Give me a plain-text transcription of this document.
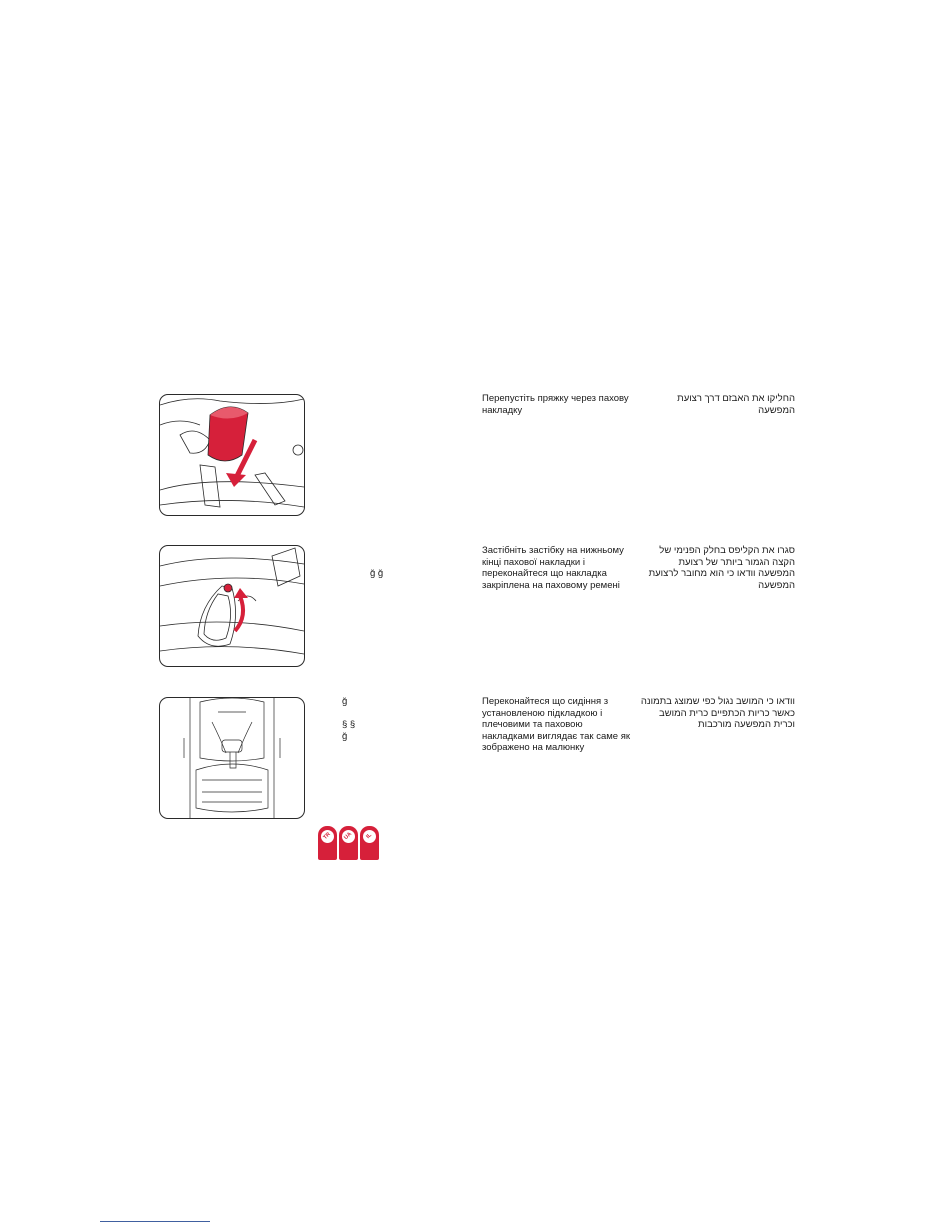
Перепустіть пряжку через пахову накладку
החליקו את האבזם דרך רצועת המפשעה
ğ ğ
Застібніть застібку на нижньому кінці пахової накладки і переконайтеся що накладка закріплена на паховому ремені
סגרו את הקליפס בחלק הפנימי של הקצה הגמור ביותר של רצועת המפשעה וודאו כי הוא מחובר לרצועת המפשעה
ğ

§ §
ğ
Переконайтеся що сидіння з установленою підкладкою і плечовими та паховою накладками виглядає так саме як зображено на малюнку
וודאו כי המושב נגול כפי שמוצג בתמונה כאשר כריות הכתפיים כרית המושב וכרית המפשעה מורכבות
TR	UA	IL
